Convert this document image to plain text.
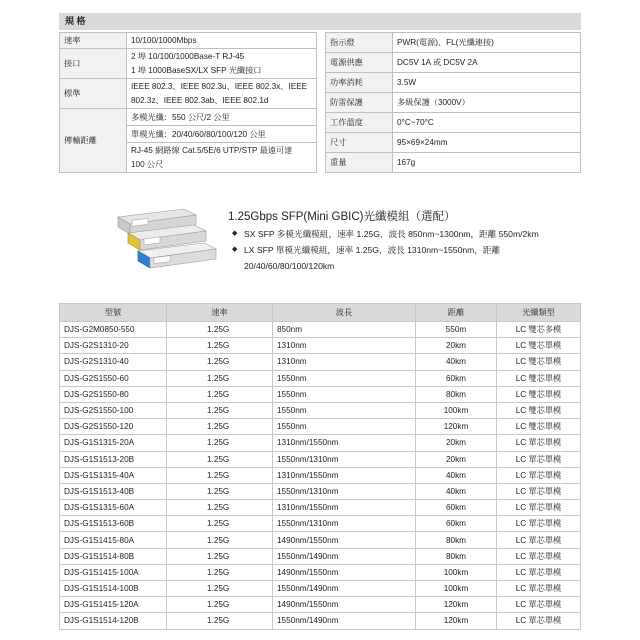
規 格
速率	10/100/1000Mbps
接口	2 埠 10/100/1000Base-T RJ-45
1 埠 1000BaseSX/LX SFP 光纖接口

標準	IEEE 802.3、IEEE 802.3u、IEEE 802.3x、IEEE
802.3z、IEEE 802.3ab、IEEE 802.1d

傳輸距離	多模光纖：550 公尺/2 公里
	單模光纖：20/40/60/80/100/120 公里

	RJ-45 網路線 Cat.5/5E/6 UTP/STP 最遠可達
100 公尺
指示燈	PWR(電源)、FL(光纖連接)
電源供應	DC5V 1A 或 DC5V 2A
功率消耗	3.5W
防雷保護	多級保護（3000V）
工作溫度	0°C~70°C
尺寸	95×69×24mm
重量	167g
1.25Gbps SFP(Mini GBIC)光纖模組（選配）
◆ SX SFP 多模光纖模組，速率 1.25G，波長 850nm~1300nm，距離 550m/2km
◆ LX SFP 單模光纖模組，速率 1.25G，波長 1310nm~1550nm，距離 20/40/60/80/100/120km
型號	速率	波長	距離	光纖類型
DJS-G2M0850-550	1.25G	850nm	550m	LC 雙芯多模
DJS-G2S1310-20	1.25G	1310nm	20km	LC 雙芯單模
DJS-G2S1310-40	1.25G	1310nm	40km	LC 雙芯單模
DJS-G2S1550-60	1.25G	1550nm	60km	LC 雙芯單模
DJS-G2S1550-80	1.25G	1550nm	80km	LC 雙芯單模
DJS-G2S1550-100	1.25G	1550nm	100km	LC 雙芯單模
DJS-G2S1550-120	1.25G	1550nm	120km	LC 雙芯單模
DJS-G1S1315-20A	1.25G	1310nm/1550nm	20km	LC 單芯單模
DJS-G1S1513-20B	1.25G	1550nm/1310nm	20km	LC 單芯單模
DJS-G1S1315-40A	1.25G	1310nm/1550nm	40km	LC 單芯單模
DJS-G1S1513-40B	1.25G	1550nm/1310nm	40km	LC 單芯單模
DJS-G1S1315-60A	1.25G	1310nm/1550nm	60km	LC 單芯單模
DJS-G1S1513-60B	1.25G	1550nm/1310nm	60km	LC 單芯單模
DJS-G1S1415-80A	1.25G	1490nm/1550nm	80km	LC 單芯單模
DJS-G1S1514-80B	1.25G	1550nm/1490nm	80km	LC 單芯單模
DJS-G1S1415-100A	1.25G	1490nm/1550nm	100km	LC 單芯單模
DJS-G1S1514-100B	1.25G	1550nm/1490nm	100km	LC 單芯單模
DJS-G1S1415-120A	1.25G	1490nm/1550nm	120km	LC 單芯單模
DJS-G1S1514-120B	1.25G	1550nm/1490nm	120km	LC 單芯單模
